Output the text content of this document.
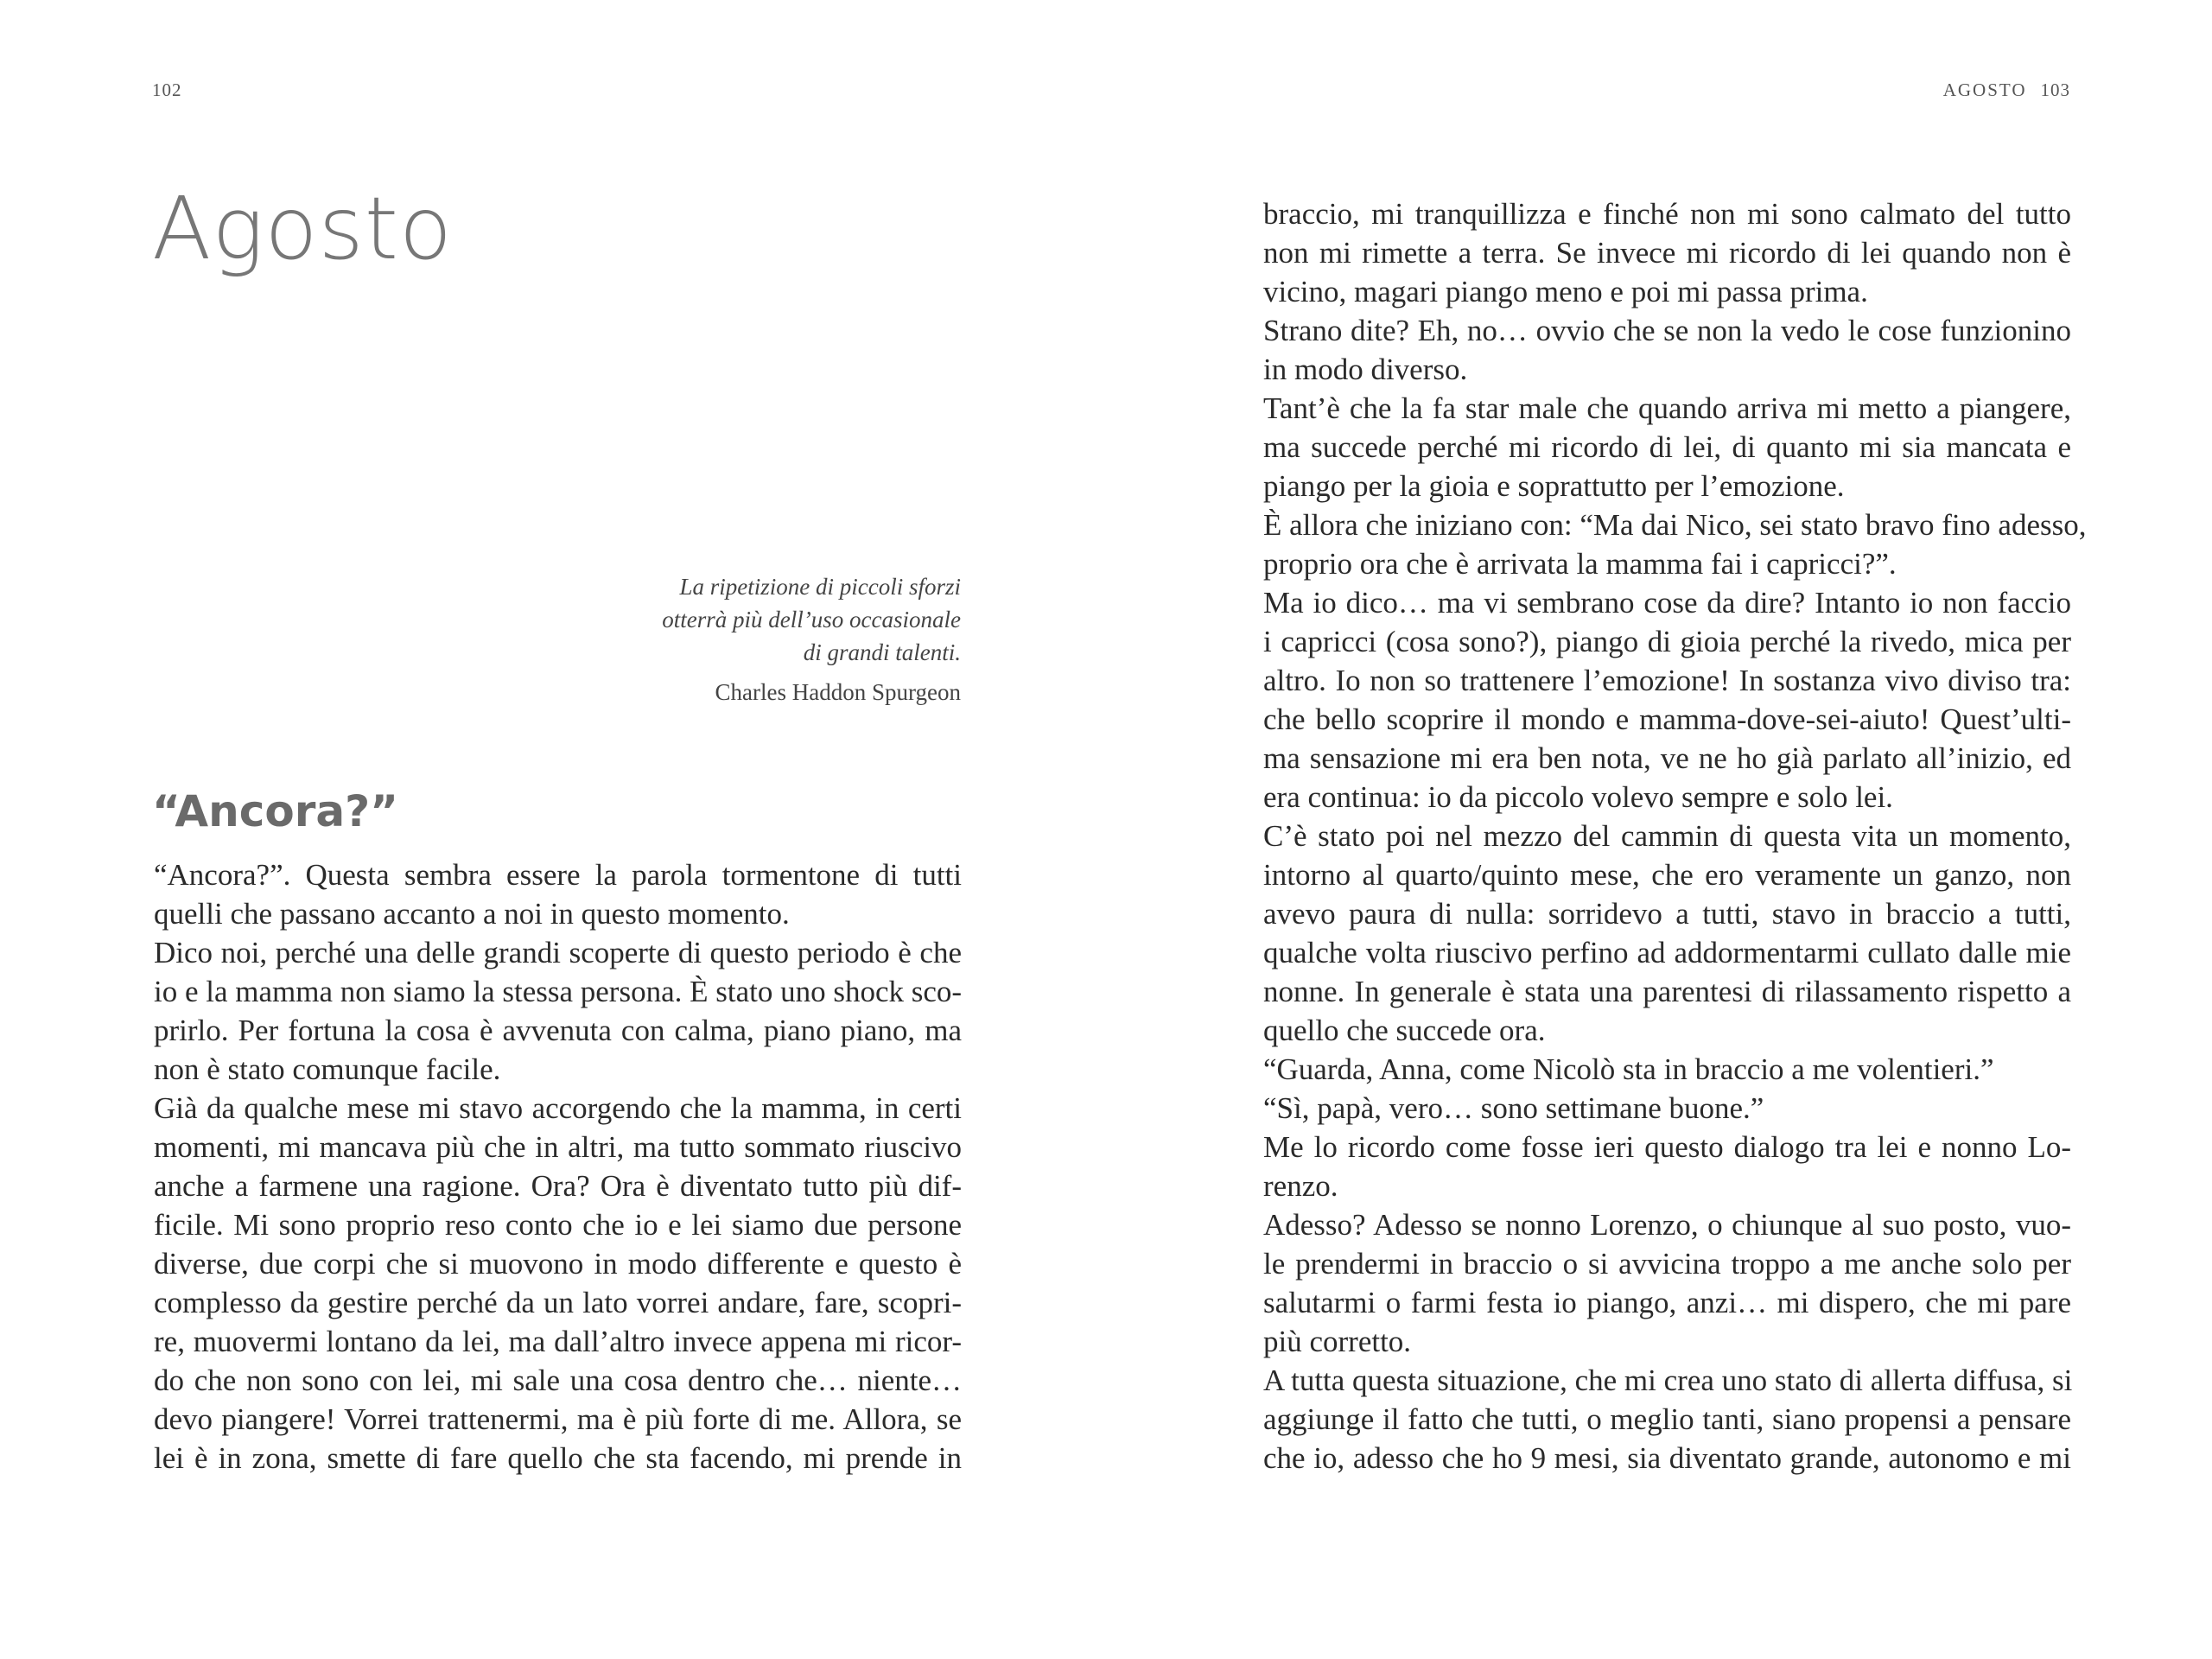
102
Agosto
La ripetizione di piccoli sforzi
otterrà più dell’uso occasionale
di grandi talenti.
Charles Haddon Spurgeon
“Ancora?”
“Ancora?”. Questa sembra essere la parola tormentone di tutti
quelli che passano accanto a noi in questo momento.
Dico noi, perché una delle grandi scoperte di questo periodo è che
io e la mamma non siamo la stessa persona. È stato uno shock sco-
prirlo. Per fortuna la cosa è avvenuta con calma, piano piano, ma
non è stato comunque facile.
Già da qualche mese mi stavo accorgendo che la mamma, in certi
momenti, mi mancava più che in altri, ma tutto sommato riuscivo
anche a farmene una ragione. Ora? Ora è diventato tutto più dif-
ficile. Mi sono proprio reso conto che io e lei siamo due persone
diverse, due corpi che si muovono in modo differente e questo è
complesso da gestire perché da un lato vorrei andare, fare, scopri-
re, muovermi lontano da lei, ma dall’altro invece appena mi ricor-
do che non sono con lei, mi sale una cosa dentro che… niente…
devo piangere! Vorrei trattenermi, ma è più forte di me. Allora, se
lei è in zona, smette di fare quello che sta facendo, mi prende in
AGOSTO 103
braccio, mi tranquillizza e finché non mi sono calmato del tutto
non mi rimette a terra. Se invece mi ricordo di lei quando non è
vicino, magari piango meno e poi mi passa prima.
Strano dite? Eh, no… ovvio che se non la vedo le cose funzionino
in modo diverso.
Tant’è che la fa star male che quando arriva mi metto a piangere,
ma succede perché mi ricordo di lei, di quanto mi sia mancata e
piango per la gioia e soprattutto per l’emozione.
È allora che iniziano con: “Ma dai Nico, sei stato bravo fino adesso,
proprio ora che è arrivata la mamma fai i capricci?”.
Ma io dico… ma vi sembrano cose da dire? Intanto io non faccio
i capricci (cosa sono?), piango di gioia perché la rivedo, mica per
altro. Io non so trattenere l’emozione! In sostanza vivo diviso tra:
che bello scoprire il mondo e mamma-dove-sei-aiuto! Quest’ulti-
ma sensazione mi era ben nota, ve ne ho già parlato all’inizio, ed
era continua: io da piccolo volevo sempre e solo lei.
C’è stato poi nel mezzo del cammin di questa vita un momento,
intorno al quarto/quinto mese, che ero veramente un ganzo, non
avevo paura di nulla: sorridevo a tutti, stavo in braccio a tutti,
qualche volta riuscivo perfino ad addormentarmi cullato dalle mie
nonne. In generale è stata una parentesi di rilassamento rispetto a
quello che succede ora.
“Guarda, Anna, come Nicolò sta in braccio a me volentieri.”
“Sì, papà, vero… sono settimane buone.”
Me lo ricordo come fosse ieri questo dialogo tra lei e nonno Lo-
renzo.
Adesso? Adesso se nonno Lorenzo, o chiunque al suo posto, vuo-
le prendermi in braccio o si avvicina troppo a me anche solo per
salutarmi o farmi festa io piango, anzi… mi dispero, che mi pare
più corretto.
A tutta questa situazione, che mi crea uno stato di allerta diffusa, si
aggiunge il fatto che tutti, o meglio tanti, siano propensi a pensare
che io, adesso che ho 9 mesi, sia diventato grande, autonomo e mi
